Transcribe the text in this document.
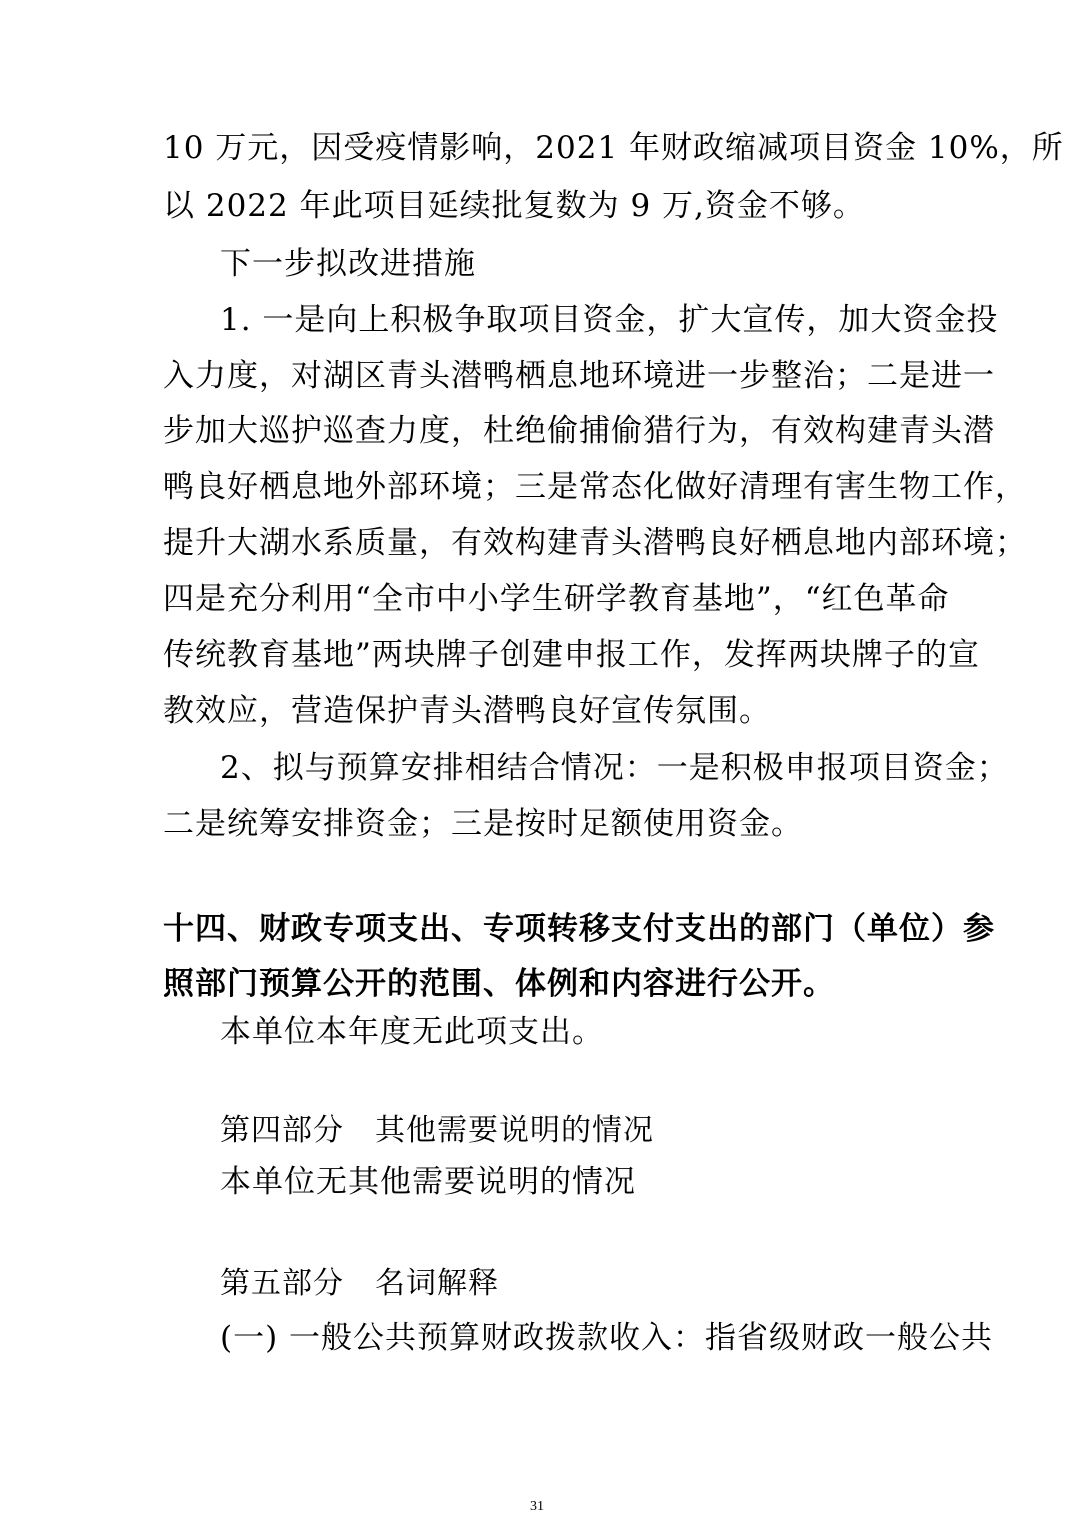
10 万元，因受疫情影响，2021 年财政缩减项目资金 10%，所
以 2022 年此项目延续批复数为 9 万,资金不够。
下一步拟改进措施
1. 一是向上积极争取项目资金，扩大宣传，加大资金投
入力度，对湖区青头潜鸭栖息地环境进一步整治；二是进一
步加大巡护巡查力度，杜绝偷捕偷猎行为，有效构建青头潜
鸭良好栖息地外部环境；三是常态化做好清理有害生物工作，
提升大湖水系质量，有效构建青头潜鸭良好栖息地内部环境；
四是充分利用“全市中小学生研学教育基地”，“红色革命
传统教育基地”两块牌子创建申报工作，发挥两块牌子的宣
教效应，营造保护青头潜鸭良好宣传氛围。
2、拟与预算安排相结合情况：一是积极申报项目资金；
二是统筹安排资金；三是按时足额使用资金。
十四、财政专项支出、专项转移支付支出的部门（单位）参
照部门预算公开的范围、体例和内容进行公开。
本单位本年度无此项支出。
第四部分　其他需要说明的情况
本单位无其他需要说明的情况
第五部分　名词解释
(一) 一般公共预算财政拨款收入：指省级财政一般公共
31
